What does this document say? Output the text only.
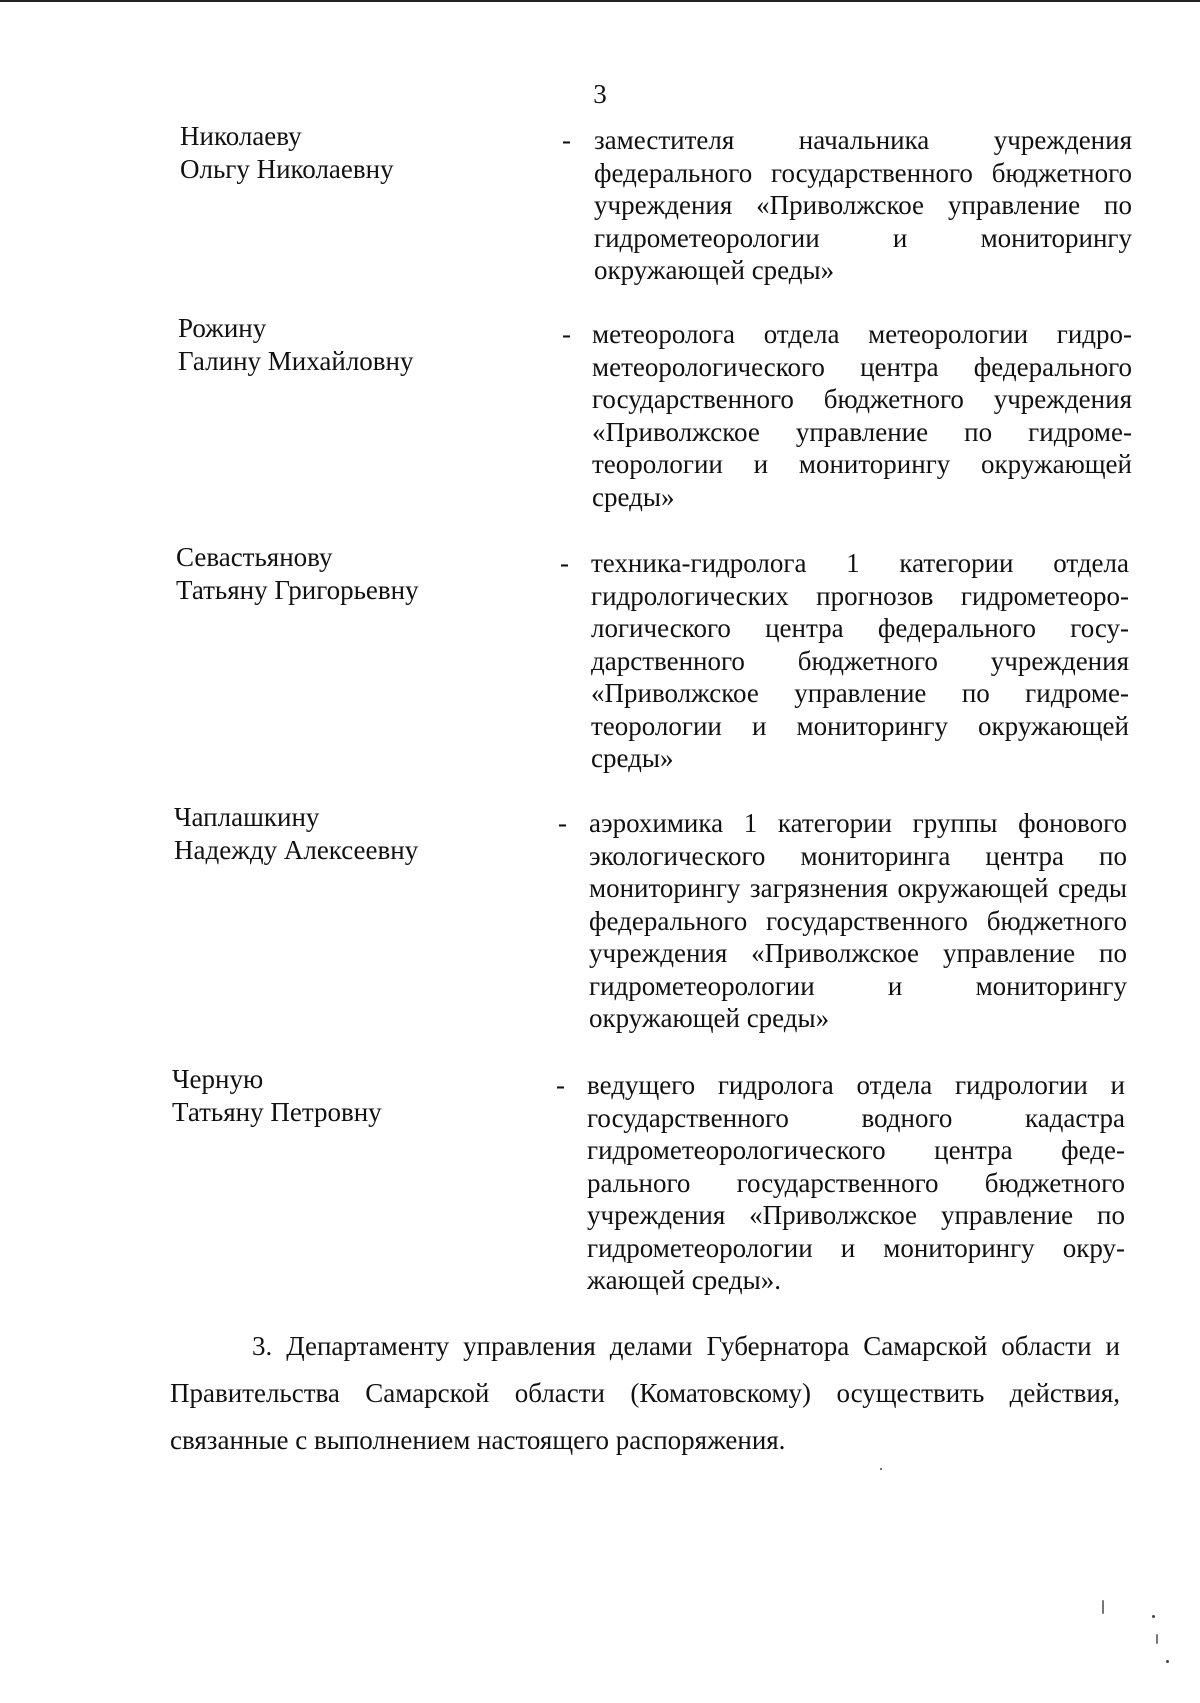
3
Николаеву
Ольгу Николаевну
- заместителя начальника учреждения федерального государственного бюджетного учреждения «Приволжское управление по гидрометеорологии и мониторингу окружающей среды»
Рожину
Галину Михайловну
- метеоролога отдела метеорологии гидрометеорологического центра федерального государственного бюджетного учреждения «Приволжское управление по гидрометеорологии и мониторингу окружающей среды»
Севастьянову
Татьяну Григорьевну
- техника-гидролога 1 категории отдела гидрологических прогнозов гидрометеорологического центра федерального государственного бюджетного учреждения «Приволжское управление по гидрометеорологии и мониторингу окружающей среды»
Чаплашкину
Надежду Алексеевну
- аэрохимика 1 категории группы фонового экологического мониторинга центра по мониторингу загрязнения окружающей среды федерального государственного бюджетного учреждения «Приволжское управление по гидрометеорологии и мониторингу окружающей среды»
Черную
Татьяну Петровну
- ведущего гидролога отдела гидрологии и государственного водного кадастра гидрометеорологического центра федерального государственного бюджетного учреждения «Приволжское управление по гидрометеорологии и мониторингу окружающей среды».
3. Департаменту управления делами Губернатора Самарской области и Правительства Самарской области (Коматовскому) осуществить действия, связанные с выполнением настоящего распоряжения.
